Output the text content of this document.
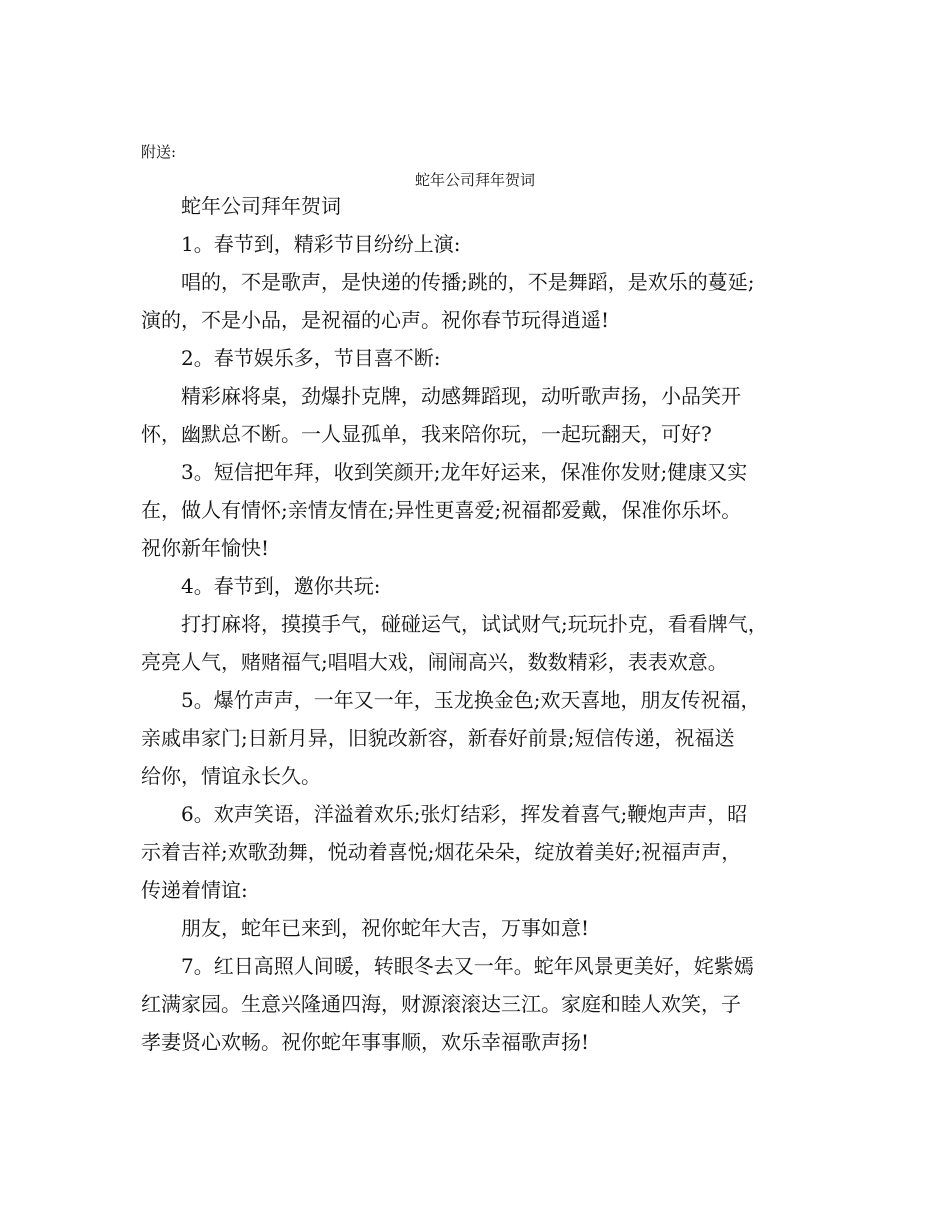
附送:
蛇年公司拜年贺词
蛇年公司拜年贺词
1。春节到，精彩节目纷纷上演:
唱的，不是歌声，是快递的传播;跳的，不是舞蹈，是欢乐的蔓延;
演的，不是小品，是祝福的心声。祝你春节玩得逍遥!
2。春节娱乐多，节目喜不断:
精彩麻将桌，劲爆扑克牌，动感舞蹈现，动听歌声扬，小品笑开
怀，幽默总不断。一人显孤单，我来陪你玩，一起玩翻天，可好?
3。短信把年拜，收到笑颜开;龙年好运来，保准你发财;健康又实
在，做人有情怀;亲情友情在;异性更喜爱;祝福都爱戴，保准你乐坏。
祝你新年愉快!
4。春节到，邀你共玩:
打打麻将，摸摸手气，碰碰运气，试试财气;玩玩扑克，看看牌气，
亮亮人气，赌赌福气;唱唱大戏，闹闹高兴，数数精彩，表表欢意。
5。爆竹声声，一年又一年，玉龙换金色;欢天喜地，朋友传祝福，
亲戚串家门;日新月异，旧貌改新容，新春好前景;短信传递，祝福送
给你，情谊永长久。
6。欢声笑语，洋溢着欢乐;张灯结彩，挥发着喜气;鞭炮声声，昭
示着吉祥;欢歌劲舞，悦动着喜悦;烟花朵朵，绽放着美好;祝福声声，
传递着情谊:
朋友，蛇年已来到，祝你蛇年大吉，万事如意!
7。红日高照人间暖，转眼冬去又一年。蛇年风景更美好，姹紫嫣
红满家园。生意兴隆通四海，财源滚滚达三江。家庭和睦人欢笑，子
孝妻贤心欢畅。祝你蛇年事事顺，欢乐幸福歌声扬!
